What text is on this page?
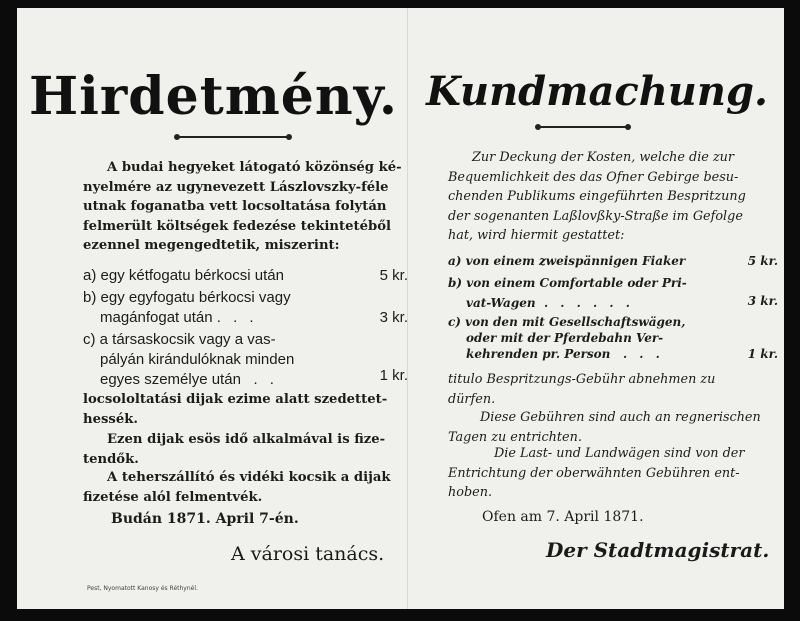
Hirdetmény.
A budai hegyeket látogató közönség ké-
nyelmére az ugynevezett Lászlovszky-féle
utnak foganatba vett locsoltatása folytán
felmerült költségek fedezése tekintetéből
ezennel megengedtetik, miszerint:
a) egy kétfogatu bérkocsi után	5 kr.
b) egy egyfogatu bérkocsi vagy
magánfogat után . . .	3 kr.
c) a társaskocsik vagy a vas-
pályán kirándulóknak minden
egyes személye után . .	1 kr.
locsololtatási dijak ezime alatt szedettet-
hessék.
Ezen dijak esös idő alkalmával is fize-
tendők.
A teherszállító és vidéki kocsik a dijak
fizetése alól felmentvék.
Budán 1871. April 7-én.
A városi tanács.
Pest, Nyomatott Kanosy és Réthynél.
Kundmachung.
Zur Deckung der Kosten, welche die zur
Bequemlichkeit des das Ofner Gebirge besu-
chenden Publikums eingeführten Bespritzung
der sogenanten Laßlovßky-Straße im Gefolge
hat, wird hiermit gestattet:
a) von einem zweispännigen Fiaker	5 kr.
b) von einem Comfortable oder Pri-
vat-Wagen . . . . . .	3 kr.
c) von den mit Gesellschaftswägen,
oder mit der Pferdebahn Ver-
kehrenden pr. Person . . .	1 kr.
titulo Bespritzungs-Gebühr abnehmen zu
dürfen.
Diese Gebühren sind auch an regnerischen
Tagen zu entrichten.
Die Last- und Landwägen sind von der
Entrichtung der oberwähnten Gebühren ent-
hoben.
Ofen am 7. April 1871.
Der Stadtmagistrat.
